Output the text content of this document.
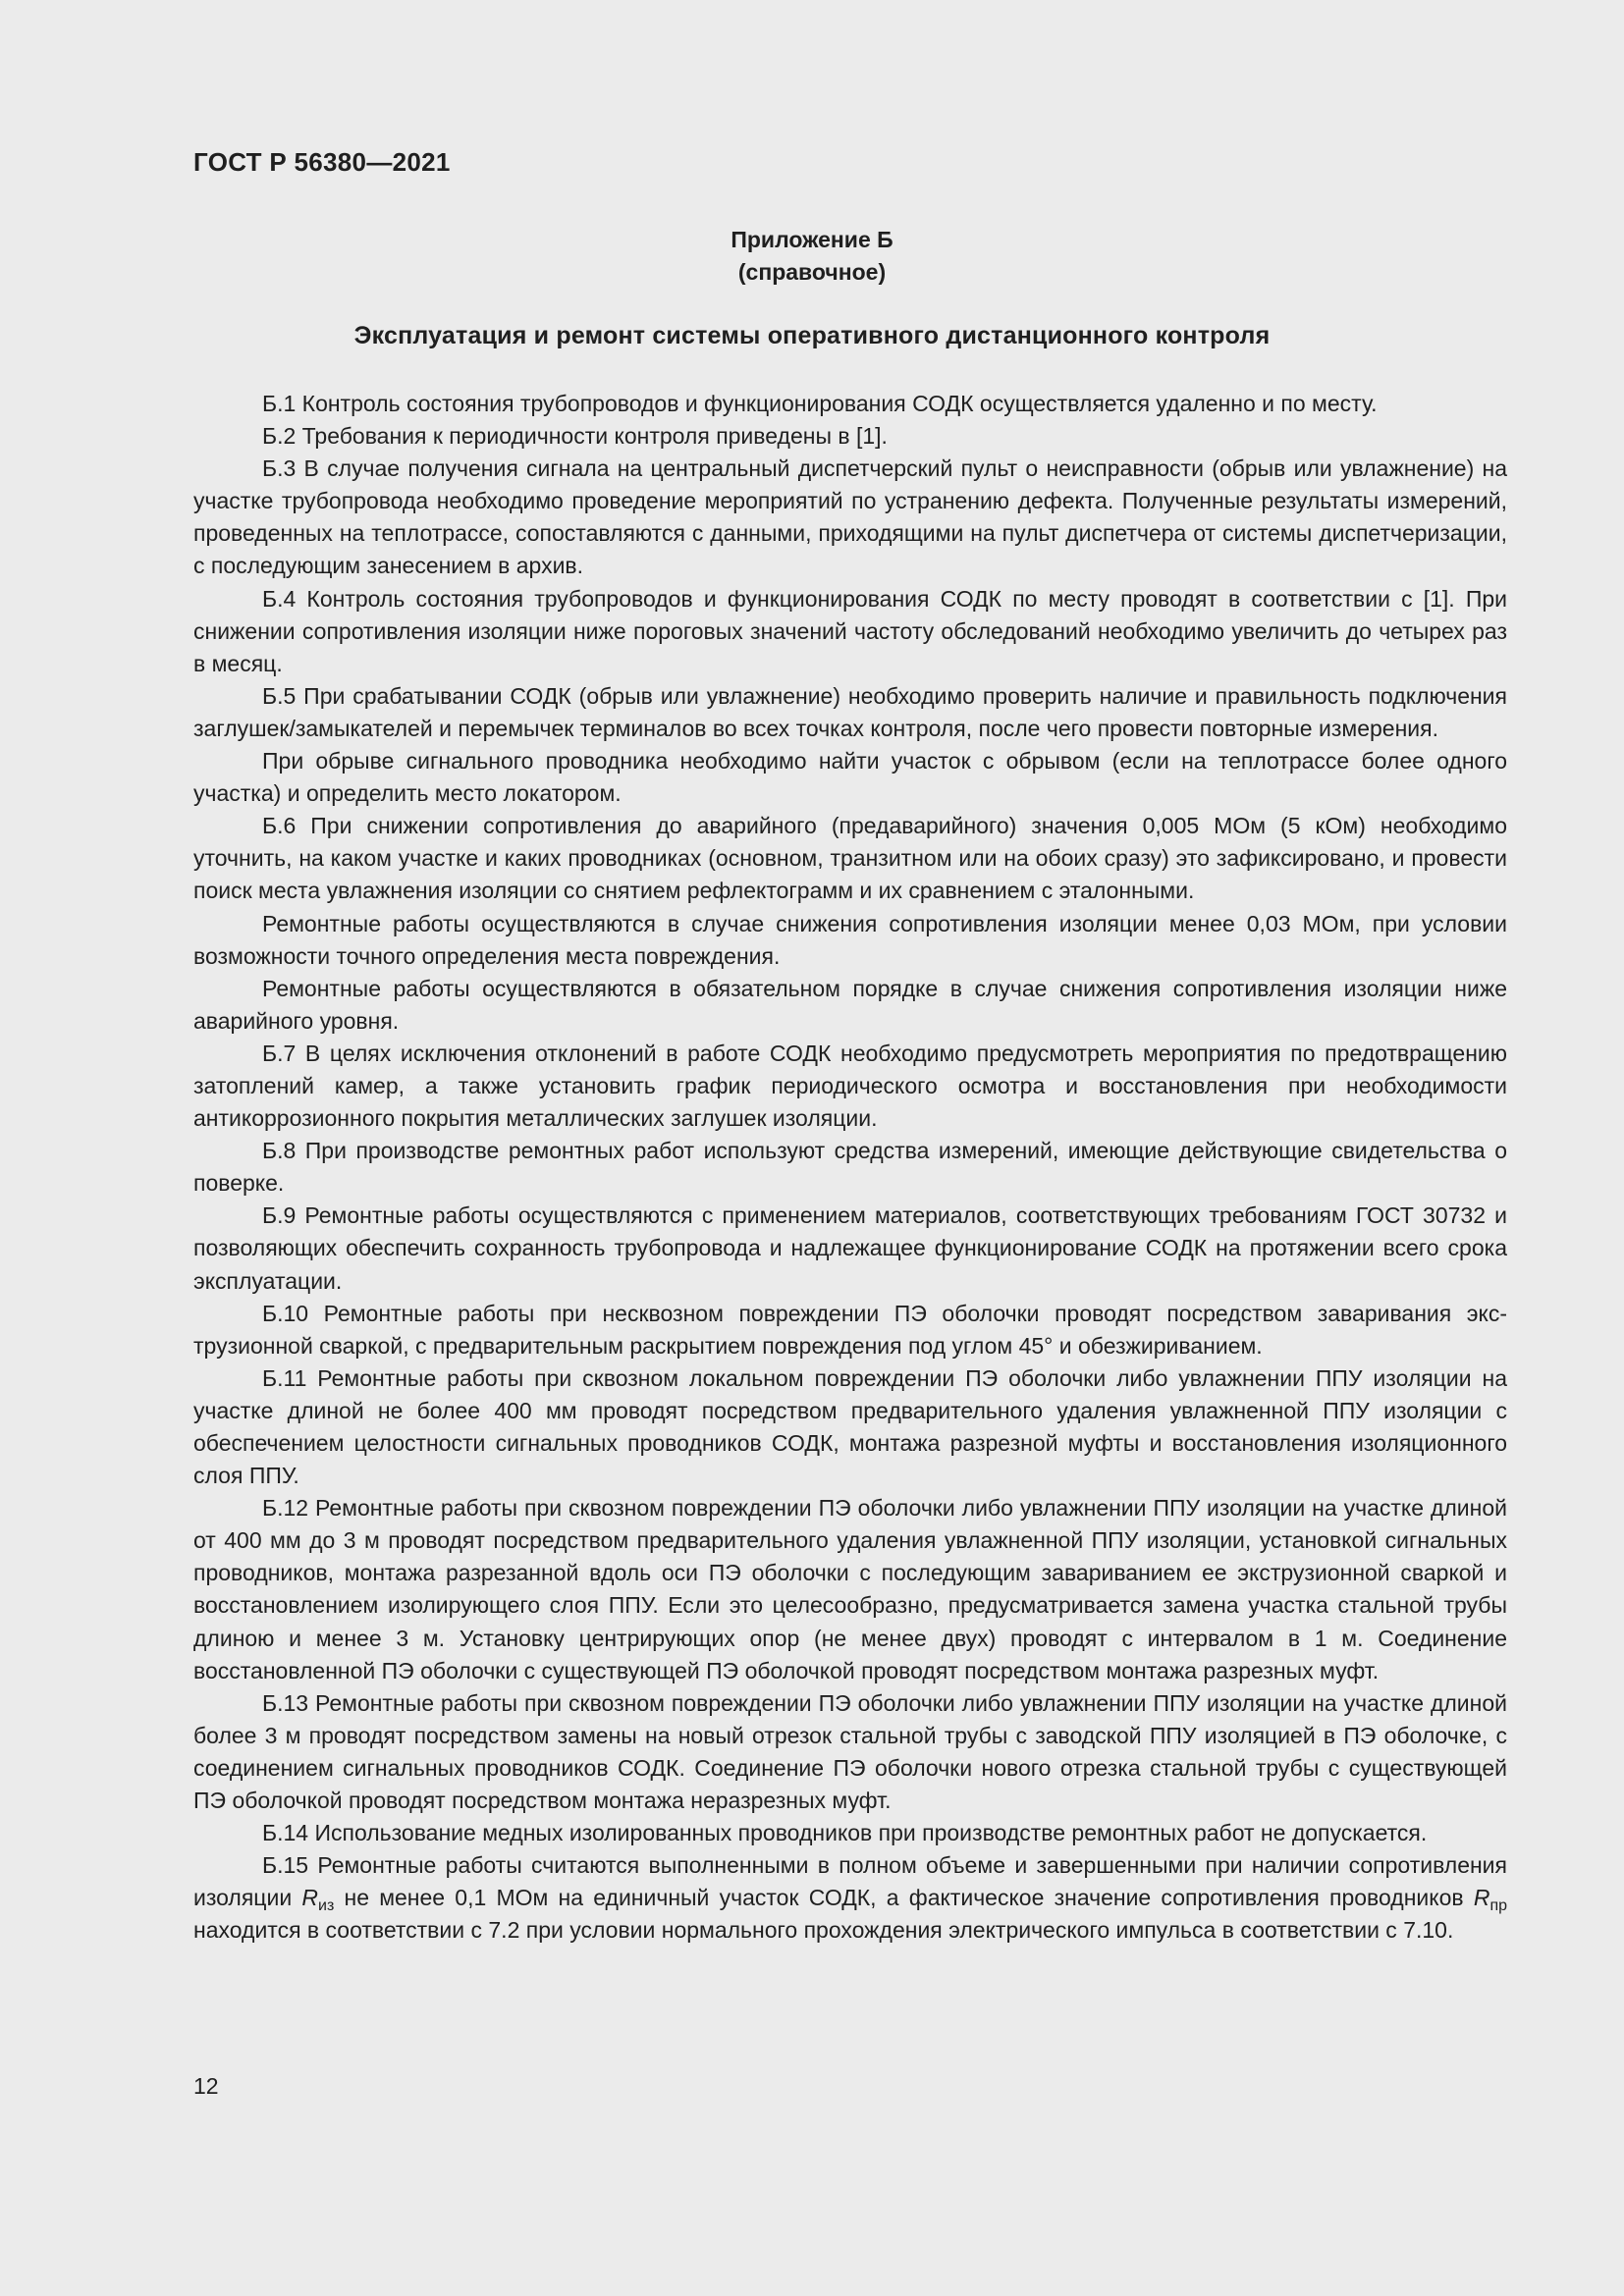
ГОСТ Р 56380—2021
Приложение Б
(справочное)
Эксплуатация и ремонт системы оперативного дистанционного контроля

Б.1 Контроль состояния трубопроводов и функционирования СОДК осуществляется удаленно и по месту.

Б.2 Требования к периодичности контроля приведены в [1].

Б.3 В случае получения сигнала на центральный диспетчерский пульт о неисправности (обрыв или увлажнение) на участке трубопровода необходимо проведение мероприятий по устранению дефекта. Полученные результаты измерений, проведенных на теплотрассе, сопоставляются с данными, приходящими на пульт диспетчера от системы диспетчеризации, с последующим занесением в архив.

Б.4 Контроль состояния трубопроводов и функционирования СОДК по месту проводят в соответствии с [1]. При снижении сопротивления изоляции ниже пороговых значений частоту обследований необходимо увеличить до четырех раз в месяц.

Б.5 При срабатывании СОДК (обрыв или увлажнение) необходимо проверить наличие и правильность подключения заглушек/замыкателей и перемычек терминалов во всех точках контроля, после чего провести повторные измерения.

При обрыве сигнального проводника необходимо найти участок с обрывом (если на теплотрассе более одного участка) и определить место локатором.

Б.6 При снижении сопротивления до аварийного (предаварийного) значения 0,005 МОм (5 кОм) необходимо уточнить, на каком участке и каких проводниках (основном, транзитном или на обоих сразу) это зафиксировано, и провести поиск места увлажнения изоляции со снятием рефлектограмм и их сравнением с эталонными.

Ремонтные работы осуществляются в случае снижения сопротивления изоляции менее 0,03 МОм, при условии возможности точного определения места повреждения.

Ремонтные работы осуществляются в обязательном порядке в случае снижения сопротивления изоляции ниже аварийного уровня.

Б.7 В целях исключения отклонений в работе СОДК необходимо предусмотреть мероприятия по предотвращению затоплений камер, а также установить график периодического осмотра и восстановления при необходимости антикоррозионного покрытия металлических заглушек изоляции.

Б.8 При производстве ремонтных работ используют средства измерений, имеющие действующие свидетельства о поверке.

Б.9 Ремонтные работы осуществляются с применением материалов, соответствующих требованиям ГОСТ 30732 и позволяющих обеспечить сохранность трубопровода и надлежащее функционирование СОДК на протяжении всего срока эксплуатации.

Б.10 Ремонтные работы при несквозном повреждении ПЭ оболочки проводят посредством заваривания экструзионной сваркой, с предварительным раскрытием повреждения под углом 45° и обезжириванием.

Б.11 Ремонтные работы при сквозном локальном повреждении ПЭ оболочки либо увлажнении ППУ изоляции на участке длиной не более 400 мм проводят посредством предварительного удаления увлажненной ППУ изоляции с обеспечением целостности сигнальных проводников СОДК, монтажа разрезной муфты и восстановления изоляционного слоя ППУ.

Б.12 Ремонтные работы при сквозном повреждении ПЭ оболочки либо увлажнении ППУ изоляции на участке длиной от 400 мм до 3 м проводят посредством предварительного удаления увлажненной ППУ изоляции, установкой сигнальных проводников, монтажа разрезанной вдоль оси ПЭ оболочки с последующим завариванием ее экструзионной сваркой и восстановлением изолирующего слоя ППУ. Если это целесообразно, предусматривается замена участка стальной трубы длиною и менее 3 м. Установку центрирующих опор (не менее двух) проводят с интервалом в 1 м. Соединение восстановленной ПЭ оболочки с существующей ПЭ оболочкой проводят посредством монтажа разрезных муфт.

Б.13 Ремонтные работы при сквозном повреждении ПЭ оболочки либо увлажнении ППУ изоляции на участке длиной более 3 м проводят посредством замены на новый отрезок стальной трубы с заводской ППУ изоляцией в ПЭ оболочке, с соединением сигнальных проводников СОДК. Соединение ПЭ оболочки нового отрезка стальной трубы с существующей ПЭ оболочкой проводят посредством монтажа неразрезных муфт.

Б.14 Использование медных изолированных проводников при производстве ремонтных работ не допускается.

Б.15 Ремонтные работы считаются выполненными в полном объеме и завершенными при наличии сопротивления изоляции $R_{из}$ не менее 0,1 МОм на единичный участок СОДК, а фактическое значение сопротивления проводников $R_{пр}$ находится в соответствии с 7.2 при условии нормального прохождения электрического импульса в соответствии с 7.10.

12
